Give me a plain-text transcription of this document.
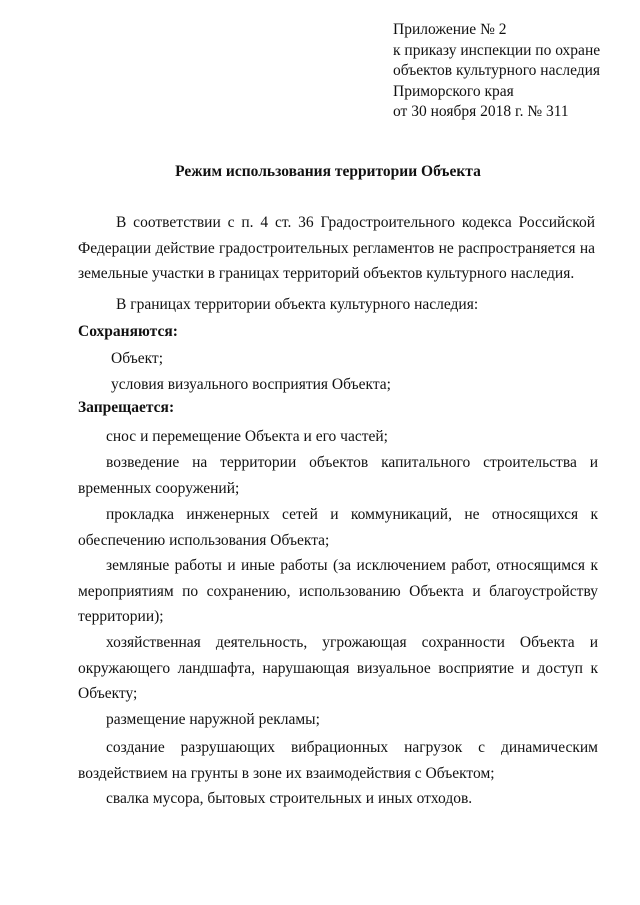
Приложение № 2
к приказу инспекции по охране
объектов культурного наследия
Приморского края
от 30 ноября 2018 г. № 311
Режим использования территории Объекта
В соответствии с п. 4 ст. 36 Градостроительного кодекса Российской Федерации действие градостроительных регламентов не распространяется на земельные участки в границах территорий объектов культурного наследия.
В границах территории объекта культурного наследия:
Сохраняются:
Объект;
условия визуального восприятия Объекта;
Запрещается:
снос и перемещение Объекта и его частей;
возведение на территории объектов капитального строительства и временных сооружений;
прокладка инженерных сетей и коммуникаций, не относящихся к обеспечению использования Объекта;
земляные работы и иные работы (за исключением работ, относящимся к мероприятиям по сохранению, использованию Объекта и благоустройству территории);
хозяйственная деятельность, угрожающая сохранности Объекта и окружающего ландшафта, нарушающая визуальное восприятие и доступ к Объекту;
размещение наружной рекламы;
создание разрушающих вибрационных нагрузок с динамическим воздействием на грунты в зоне их взаимодействия с Объектом;
свалка мусора, бытовых строительных и иных отходов.
